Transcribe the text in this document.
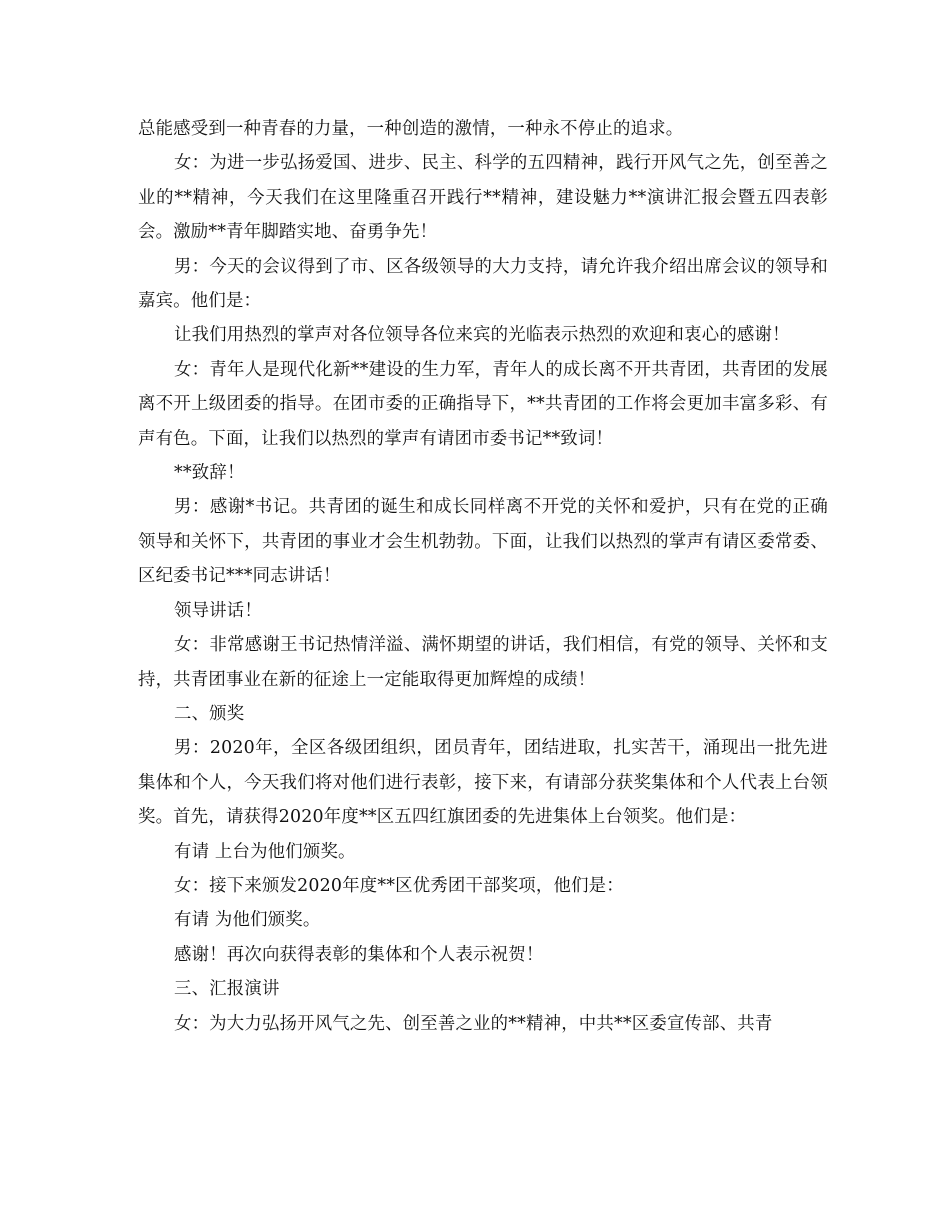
总能感受到一种青春的力量，一种创造的激情，一种永不停止的追求。

女：为进一步弘扬爱国、进步、民主、科学的五四精神，践行开风气之先，创至善之业的**精神，今天我们在这里隆重召开践行**精神，建设魅力**演讲汇报会暨五四表彰会。激励**青年脚踏实地、奋勇争先！

男：今天的会议得到了市、区各级领导的大力支持，请允许我介绍出席会议的领导和嘉宾。他们是：

让我们用热烈的掌声对各位领导各位来宾的光临表示热烈的欢迎和衷心的感谢！

女：青年人是现代化新**建设的生力军，青年人的成长离不开共青团，共青团的发展离不开上级团委的指导。在团市委的正确指导下，**共青团的工作将会更加丰富多彩、有声有色。下面，让我们以热烈的掌声有请团市委书记**致词！

**致辞！

男：感谢*书记。共青团的诞生和成长同样离不开党的关怀和爱护，只有在党的正确领导和关怀下，共青团的事业才会生机勃勃。下面，让我们以热烈的掌声有请区委常委、区纪委书记***同志讲话！

领导讲话！

女：非常感谢王书记热情洋溢、满怀期望的讲话，我们相信，有党的领导、关怀和支持，共青团事业在新的征途上一定能取得更加辉煌的成绩！

二、颁奖

男：2020年，全区各级团组织，团员青年，团结进取，扎实苦干，涌现出一批先进集体和个人，今天我们将对他们进行表彰，接下来，有请部分获奖集体和个人代表上台领奖。首先，请获得2020年度**区五四红旗团委的先进集体上台领奖。他们是：

有请 上台为他们颁奖。

女：接下来颁发2020年度**区优秀团干部奖项，他们是：

有请 为他们颁奖。

感谢！再次向获得表彰的集体和个人表示祝贺！

三、汇报演讲

女：为大力弘扬开风气之先、创至善之业的**精神，中共**区委宣传部、共青
